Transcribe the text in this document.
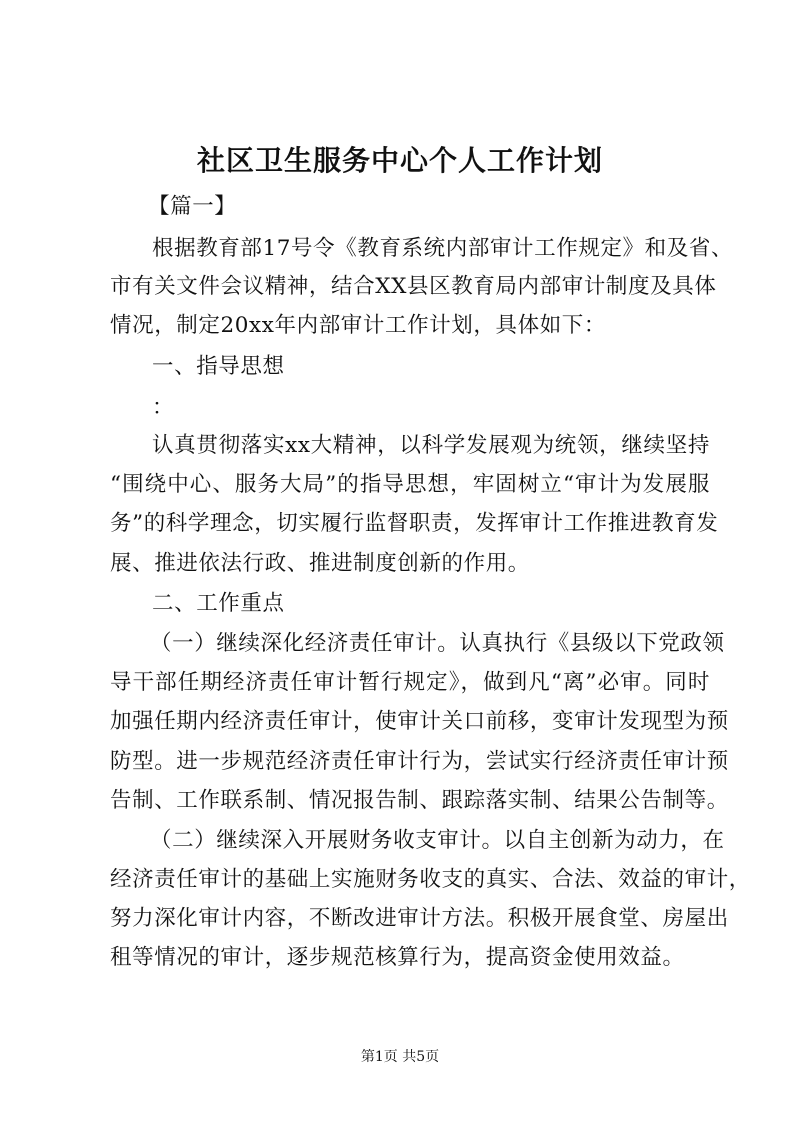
社区卫生服务中心个人工作计划
【篇一】
根据教育部17号令《教育系统内部审计工作规定》和及省、
市有关文件会议精神，结合XX县区教育局内部审计制度及具体
情况，制定20xx年内部审计工作计划，具体如下：
一、指导思想
：
认真贯彻落实xx大精神，以科学发展观为统领，继续坚持
“围绕中心、服务大局”的指导思想，牢固树立“审计为发展服
务”的科学理念，切实履行监督职责，发挥审计工作推进教育发
展、推进依法行政、推进制度创新的作用。
二、工作重点
（一）继续深化经济责任审计。认真执行《县级以下党政领
导干部任期经济责任审计暂行规定》，做到凡“离”必审。同时
加强任期内经济责任审计，使审计关口前移，变审计发现型为预
防型。进一步规范经济责任审计行为，尝试实行经济责任审计预
告制、工作联系制、情况报告制、跟踪落实制、结果公告制等。
（二）继续深入开展财务收支审计。以自主创新为动力，在
经济责任审计的基础上实施财务收支的真实、合法、效益的审计，
努力深化审计内容，不断改进审计方法。积极开展食堂、房屋出
租等情况的审计，逐步规范核算行为，提高资金使用效益。
第1页 共5页
